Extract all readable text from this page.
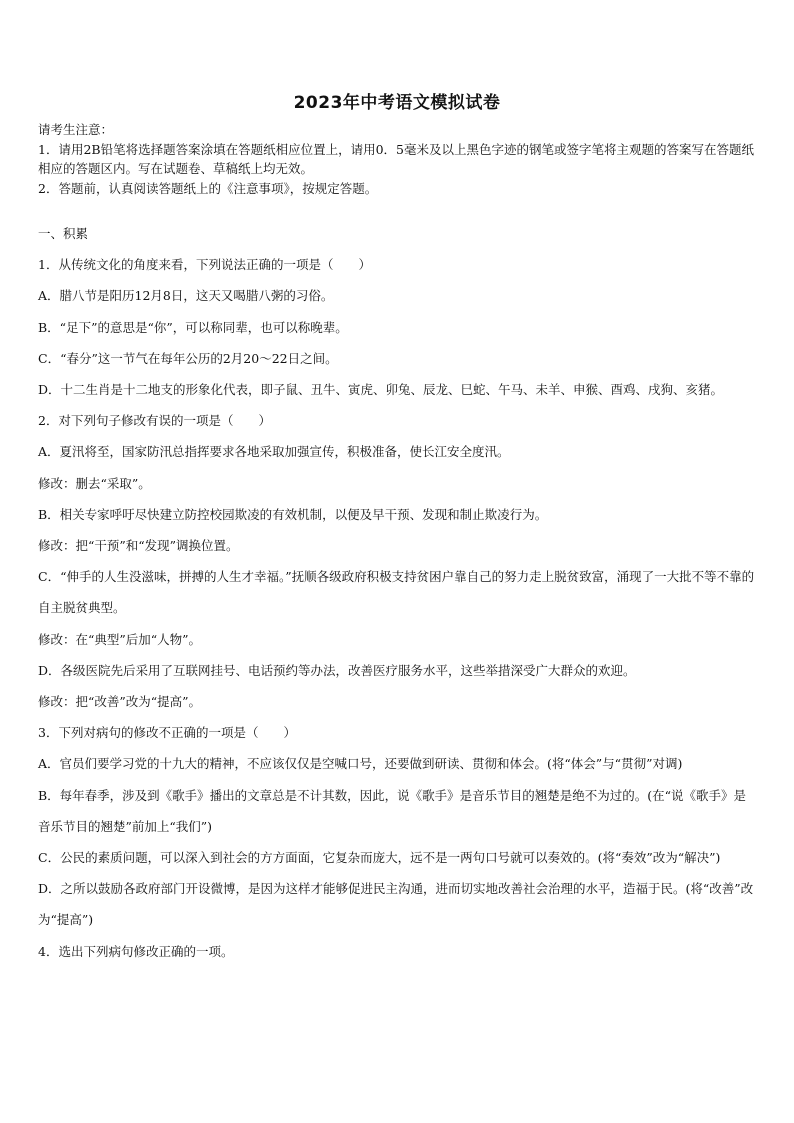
2023年中考语文模拟试卷

请考生注意：

1．请用2B铅笔将选择题答案涂填在答题纸相应位置上，请用0．5毫米及以上黑色字迹的钢笔或签字笔将主观题的答案写在答题纸相应的答题区内。写在试题卷、草稿纸上均无效。

2．答题前，认真阅读答题纸上的《注意事项》，按规定答题。

一、积累

1．从传统文化的角度来看，下列说法正确的一项是（　　）

A．腊八节是阳历12月8日，这天又喝腊八粥的习俗。

B．“足下”的意思是“你”，可以称同辈，也可以称晚辈。

C．“春分”这一节气在每年公历的2月20～22日之间。

D．十二生肖是十二地支的形象化代表，即子鼠、丑牛、寅虎、卯兔、辰龙、巳蛇、午马、未羊、申猴、酉鸡、戌狗、亥猪。

2．对下列句子修改有误的一项是（　　）

A．夏汛将至，国家防汛总指挥要求各地采取加强宣传，积极准备，使长江安全度汛。

修改：删去“采取”。

B．相关专家呼吁尽快建立防控校园欺凌的有效机制，以便及早干预、发现和制止欺凌行为。

修改：把“干预”和“发现”调换位置。

C．“伸手的人生没滋味，拼搏的人生才幸福。”抚顺各级政府积极支持贫困户靠自己的努力走上脱贫致富，涌现了一大批不等不靠的自主脱贫典型。

修改：在“典型”后加“人物”。

D．各级医院先后采用了互联网挂号、电话预约等办法，改善医疗服务水平，这些举措深受广大群众的欢迎。

修改：把“改善”改为“提高”。

3．下列对病句的修改不正确的一项是（　　）

A．官员们要学习党的十九大的精神，不应该仅仅是空喊口号，还要做到研读、贯彻和体会。(将“体会”与“贯彻”对调)

B．每年春季，涉及到《歌手》播出的文章总是不计其数，因此，说《歌手》是音乐节目的翘楚是绝不为过的。(在“说《歌手》是音乐节目的翘楚”前加上“我们”)

C．公民的素质问题，可以深入到社会的方方面面，它复杂而庞大，远不是一两句口号就可以奏效的。(将“奏效”改为“解决”)

D．之所以鼓励各政府部门开设微博，是因为这样才能够促进民主沟通，进而切实地改善社会治理的水平，造福于民。(将“改善”改为“提高”)

4．选出下列病句修改正确的一项。
